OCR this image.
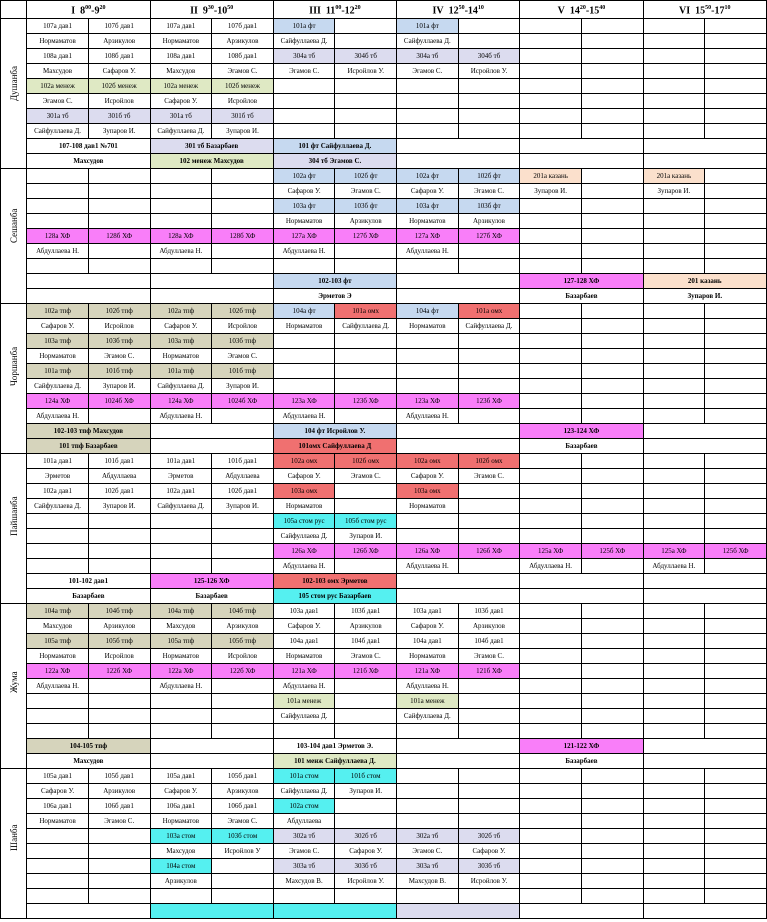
	I $8^{00}-9^{20}$		II $9^{30}-10^{50}$		III $11^{00}-12^{20}$		IV $12^{50}-14^{10}$		V $14^{20}-15^{40}$		VI $15^{50}-17^{10}$

Душанба	107а дав1	107б дав1	107а дав1	107б дав1	101а фт		101а фт					
	Нормаматов	Арзикулов	Нормаматов	Арзикулов	Сайфуллаева Д.		Сайфуллаева Д.					
	108а дав1	108б дав1	108а дав1	108б дав1	304а тб	304б тб	304а тб	304б тб				
	Махсудов	Сафаров У.	Махсудов	Эгамов С.	Эгамов С.	Исройлов У.	Эгамов С.	Исройлов У.				
	102а менеж	102б менеж	102а менеж	102б менеж								
	Эгамов С.	Исройлов	Сафаров У.	Исройлов								
	301а тб	301б тб	301а тб	301б тб								
	Сайфуллаева Д.	Зупаров И.	Сайфуллаева Д.	Зупаров И.								
	107-108 дав1 №701		301 тб Базарбаев		101 фт Сайфуллаева Д.							
	Махсудов		102 менеж Махсудов		304 тб Эгамов С.							

Сешанба					102а фт	102б фт	102а фт	102б фт	201а казань		201а казань	
					Сафаров У.	Эгамов С.	Сафаров У.	Эгамов С.	Зупаров И.		Зупаров И.	
					103а фт	103б фт	103а фт	103б фт				
					Нормаматов	Арзикулов	Нормаматов	Арзикулов				
	128а ХФ	128б ХФ	128а ХФ	128б ХФ	127а ХФ	127б ХФ	127а ХФ	127б ХФ				
	Абдуллаева Н.		Абдуллаева Н.		Абдуллаева Н.		Абдуллаева Н.					

					102-103 фт				127-128 ХФ		201 казань	
					Эрметов Э				Базарбаев		Зупаров И.	

Чоршанба	102а тпф	102б тпф	102а тпф	102б тпф	104а фт	101а омх	104а фт	101а омх				
	Сафаров У.	Исройлов	Сафаров У.	Исройлов	Нормаматов	Сайфуллаева Д.	Нормаматов	Сайфуллаева Д.				
	103а тпф	103б тпф	103а тпф	103б тпф								
	Нормаматов	Эгамов С.	Нормаматов	Эгамов С.								
	101а тпф	101б тпф	101а тпф	101б тпф								
	Сайфуллаева Д.	Зупаров И.	Сайфуллаева Д.	Зупаров И.								
	124а ХФ	1024б ХФ	124а ХФ	1024б ХФ	123а ХФ	123б ХФ	123а ХФ	123б ХФ				
	Абдуллаева Н.		Абдуллаева Н.		Абдуллаева Н.		Абдуллаева Н.					
	102-103 тпф Махсудов				104 фт Исройлов У.				123-124 ХФ			
	101 тпф Базарбаев				101омх Сайфуллаева Д				Базарбаев			

Пайшанба	101а дав1	101б дав1	101а дав1	101б дав1	102а омх	102б омх	102а омх	102б омх				
	Эрметов	Абдуллаева	Эрметов	Абдуллаева	Сафаров У.	Эгамов С.	Сафаров У.	Эгамов С.				
	102а дав1	102б дав1	102а дав1	102б дав1	103а омх		103а омх					
	Сайфуллаева Д.	Зупаров И.	Сайфуллаева Д.	Зупаров И.	Нормаматов		Нормаматов					
					105а стом рус	105б стом рус						
					Сайфуллаева Д.	Зупаров И.						
					126а ХФ	126б ХФ	126а ХФ	126б ХФ	125а ХФ	125б ХФ	125а ХФ	125б ХФ
					Абдуллаева Н.		Абдуллаева Н.		Абдуллаева Н.		Абдуллаева Н.	
	101-102 дав1		125-126 ХФ		102-103 омх Эрметов							
	Базарбаев		Базарбаев		105 стом рус Базарбаев							

Жума	104а тпф	104б тпф	104а тпф	104б тпф	103а дав1	103б дав1	103а дав1	103б дав1				
	Махсудов	Арзикулов	Махсудов	Арзикулов	Сафаров У.	Арзикулов	Сафаров У.	Арзикулов				
	105а тпф	105б тпф	105а тпф	105б тпф	104а дав1	104б дав1	104а дав1	104б дав1				
	Нормаматов	Исройлов	Нормаматов	Исройлов	Нормаматов	Эгамов С.	Нормаматов	Эгамов С.				
	122а ХФ	122б ХФ	122а ХФ	122б ХФ	121а ХФ	121б ХФ	121а ХФ	121б ХФ				
	Абдуллаева Н.		Абдуллаева Н.		Абдуллаева Н.		Абдуллаева Н.					
					101а менеж		101а менеж					
					Сайфуллаева Д.		Сайфуллаева Д.					

	104-105 тпф				103-104 дав1 Эрметов Э.				121-122 ХФ			
	Махсудов				101 менж Сайфуллаева Д.				Базарбаев			

Шанба	105а дав1	105б дав1	105а дав1	105б дав1	101а стом	101б стом						
	Сафаров У.	Арзикулов	Сафаров У.	Арзикулов	Сайфуллаева Д.	Зупаров И.						
	106а дав1	106б дав1	106а дав1	106б дав1	102а стом							
	Нормаматов	Эгамов С.	Нормаматов	Эгамов С.	Абдуллаева							
			103а стом	103б стом	302а тб	302б тб	302а тб	302б тб				
			Махсудов	Исройлов У	Эгамов С.	Сафаров У.	Эгамов С.	Сафаров У.				
			104а стом		303а тб	303б тб	303а тб	303б тб				
			Арзикулов		Махсудов В.	Исройлов У.	Махсудов В.	Исройлов У.				
